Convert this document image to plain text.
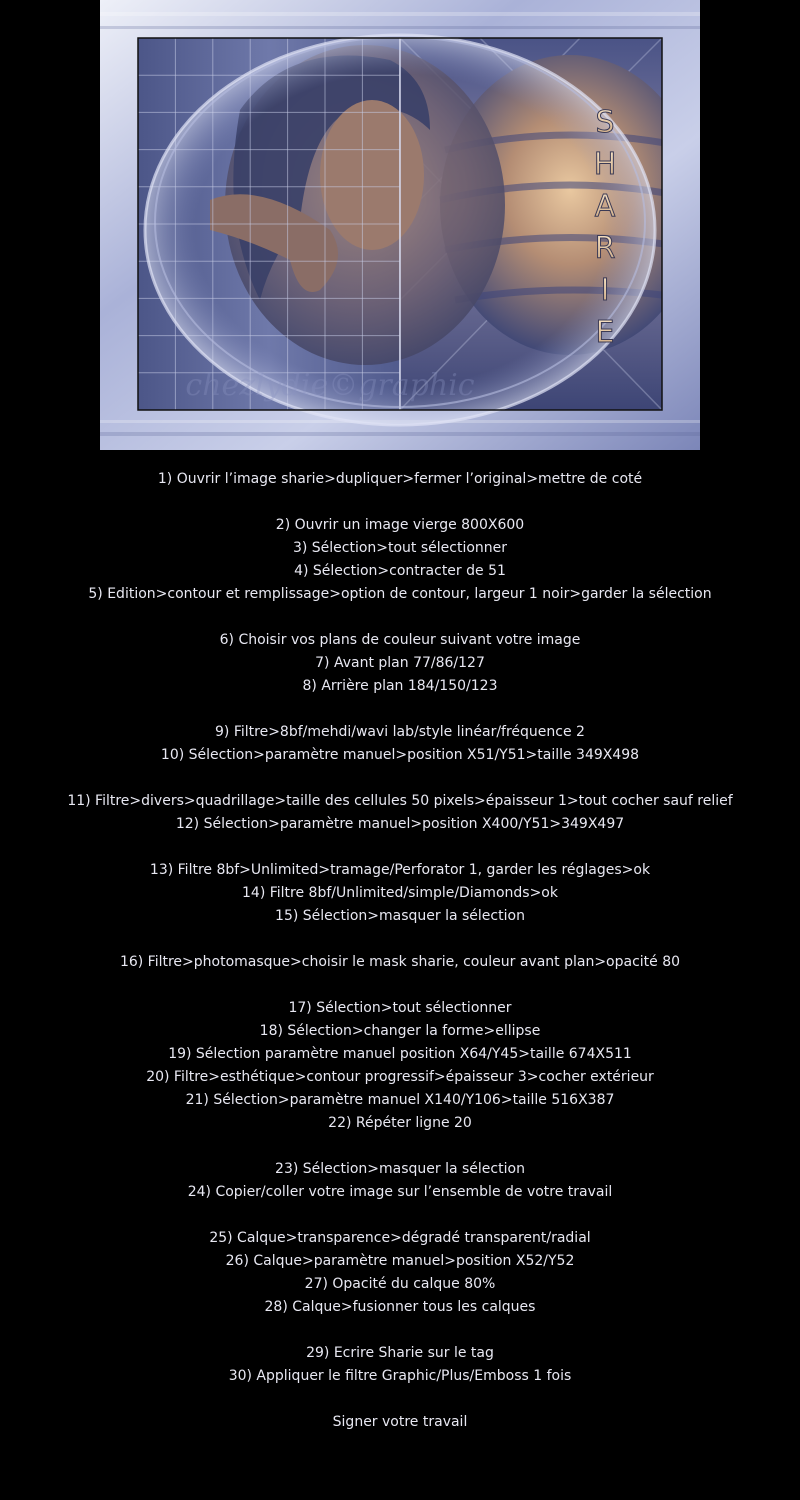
chezlydie©graphic
S
H
A
R
I
E
1) Ouvrir l’image sharie>dupliquer>fermer l’original>mettre de coté
2) Ouvrir un image vierge 800X600
3) Sélection>tout sélectionner
4) Sélection>contracter de 51
5) Edition>contour et remplissage>option de contour, largeur 1 noir>garder la sélection
6) Choisir vos plans de couleur suivant votre image
7) Avant plan 77/86/127
8) Arrière plan 184/150/123
9) Filtre>8bf/mehdi/wavi lab/style linéar/fréquence 2
10) Sélection>paramètre manuel>position X51/Y51>taille 349X498
11) Filtre>divers>quadrillage>taille des cellules 50 pixels>épaisseur 1>tout cocher sauf relief
12) Sélection>paramètre manuel>position X400/Y51>349X497
13) Filtre 8bf>Unlimited>tramage/Perforator 1, garder les réglages>ok
14) Filtre 8bf/Unlimited/simple/Diamonds>ok
15) Sélection>masquer la sélection
16) Filtre>photomasque>choisir le mask sharie, couleur avant plan>opacité 80
17) Sélection>tout sélectionner
18) Sélection>changer la forme>ellipse
19) Sélection paramètre manuel position X64/Y45>taille 674X511
20) Filtre>esthétique>contour progressif>épaisseur 3>cocher extérieur
21) Sélection>paramètre manuel X140/Y106>taille 516X387
22) Répéter ligne 20
23) Sélection>masquer la sélection
24) Copier/coller votre image sur l’ensemble de votre travail
25) Calque>transparence>dégradé transparent/radial
26) Calque>paramètre manuel>position X52/Y52
27) Opacité du calque 80%
28) Calque>fusionner tous les calques
29) Ecrire Sharie sur le tag
30) Appliquer le filtre Graphic/Plus/Emboss 1 fois
Signer votre travail
